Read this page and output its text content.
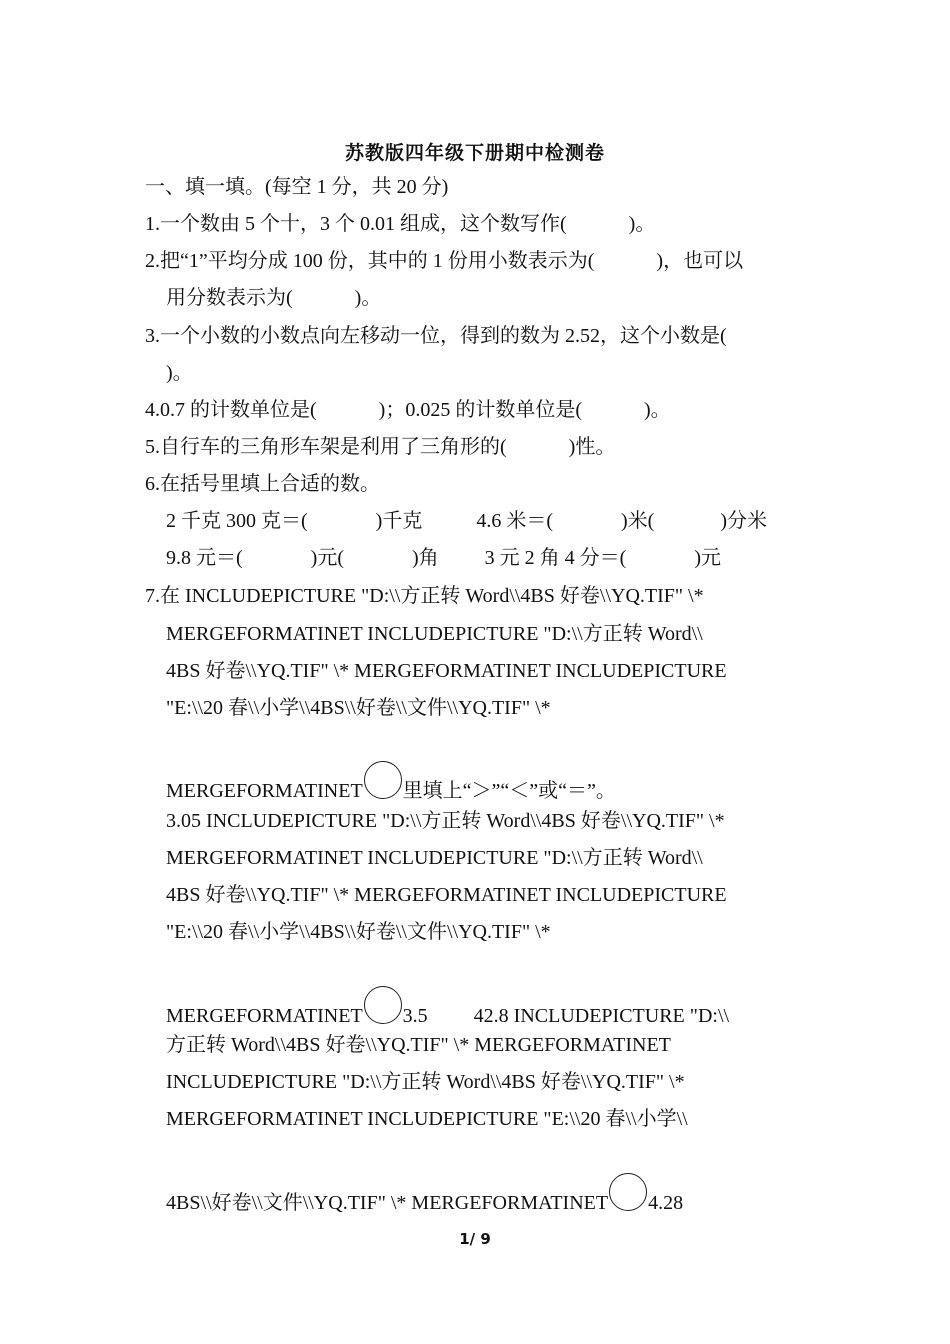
苏教版四年级下册期中检测卷
一、填一填。(每空 1 分，共 20 分)
1.一个数由 5 个十，3 个 0.01 组成，这个数写作(	)。
2.把“1”平均分成 100 份，其中的 1 份用小数表示为(	)，也可以
用分数表示为(	)。
3.一个小数的小数点向左移动一位，得到的数为 2.52，这个小数是(
)。
4.0.7 的计数单位是(	)；0.025 的计数单位是(	)。
5.自行车的三角形车架是利用了三角形的(	)性。
6.在括号里填上合适的数。
2 千克 300 克＝(	)千克	4.6 米＝(	)米(	)分米
9.8 元＝(	)元(	)角 3 元 2 角 4 分＝(	)元
7.在 INCLUDEPICTURE "D:\\方正转 Word\\4BS 好卷\\YQ.TIF" \*
MERGEFORMATINET INCLUDEPICTURE "D:\\方正转 Word\\
4BS 好卷\\YQ.TIF" \* MERGEFORMATINET INCLUDEPICTURE
"E:\\20 春\\小学\\4BS\\好卷\\文件\\YQ.TIF" \*
MERGEFORMATINET 里填上“＞”“＜”或“＝”。
3.05 INCLUDEPICTURE "D:\\方正转 Word\\4BS 好卷\\YQ.TIF" \*
MERGEFORMATINET INCLUDEPICTURE "D:\\方正转 Word\\
4BS 好卷\\YQ.TIF" \* MERGEFORMATINET INCLUDEPICTURE
"E:\\20 春\\小学\\4BS\\好卷\\文件\\YQ.TIF" \*
MERGEFORMATINET 3.5 42.8 INCLUDEPICTURE "D:\\
方正转 Word\\4BS 好卷\\YQ.TIF" \* MERGEFORMATINET
INCLUDEPICTURE "D:\\方正转 Word\\4BS 好卷\\YQ.TIF" \*
MERGEFORMATINET INCLUDEPICTURE "E:\\20 春\\小学\\
4BS\\好卷\\文件\\YQ.TIF" \* MERGEFORMATINET 4.28
1/ 9
